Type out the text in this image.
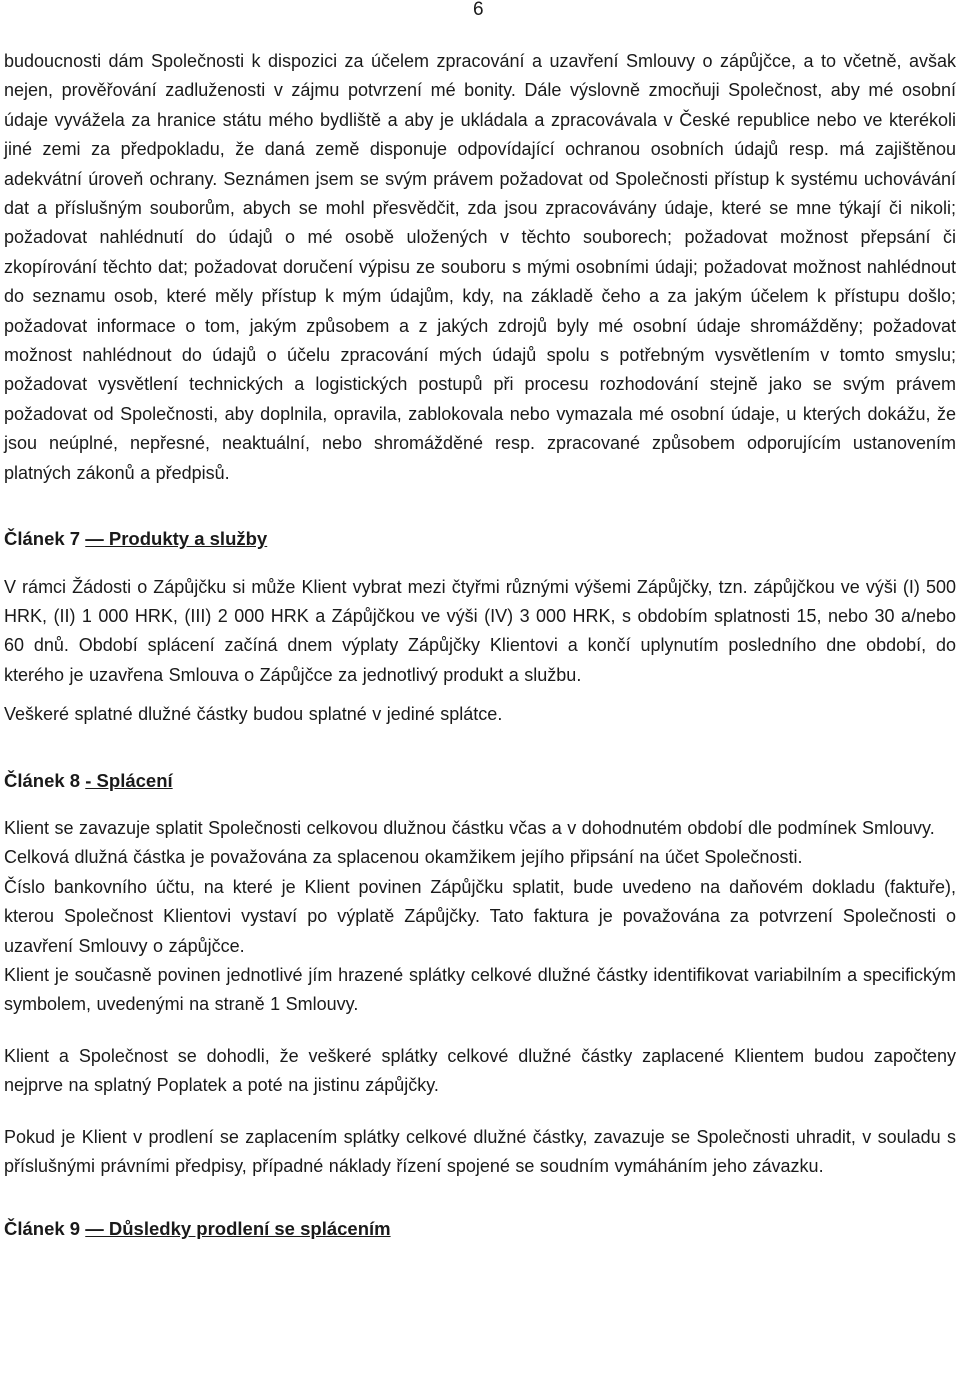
6

budoucnosti dám Společnosti k dispozici za účelem zpracování a uzavření Smlouvy o zápůjčce, a to včetně, avšak nejen, prověřování zadluženosti v zájmu potvrzení mé bonity. Dále výslovně zmocňuji Společnost, aby mé osobní údaje vyvážela za hranice státu mého bydliště a aby je ukládala a zpracovávala v České republice nebo ve kterékoli jiné zemi za předpokladu, že daná země disponuje odpovídající ochranou osobních údajů resp. má zajištěnou adekvátní úroveň ochrany. Seznámen jsem se svým právem požadovat od Společnosti přístup k systému uchovávání dat a příslušným souborům, abych se mohl přesvědčit, zda jsou zpracovávány údaje, které se mne týkají či nikoli; požadovat nahlédnutí do údajů o mé osobě uložených v těchto souborech; požadovat možnost přepsání či zkopírování těchto dat; požadovat doručení výpisu ze souboru s mými osobními údaji; požadovat možnost nahlédnout do seznamu osob, které měly přístup k mým údajům, kdy, na základě čeho a za jakým účelem k přístupu došlo; požadovat informace o tom, jakým způsobem a z jakých zdrojů byly mé osobní údaje shromážděny; požadovat možnost nahlédnout do údajů o účelu zpracování mých údajů spolu s potřebným vysvětlením v tomto smyslu; požadovat vysvětlení technických a logistických postupů při procesu rozhodování stejně jako se svým právem požadovat od Společnosti, aby doplnila, opravila, zablokovala nebo vymazala mé osobní údaje, u kterých dokážu, že jsou neúplné, nepřesné, neaktuální, nebo shromážděné resp. zpracované způsobem odporujícím ustanovením platných zákonů a předpisů.

Článek 7 — Produkty a služby

V rámci Žádosti o Zápůjčku si může Klient vybrat mezi čtyřmi různými výšemi Zápůjčky, tzn. zápůjčkou ve výši (I) 500 HRK, (II) 1 000 HRK, (III) 2 000 HRK a Zápůjčkou ve výši (IV) 3 000 HRK, s obdobím splatnosti 15, nebo 30 a/nebo 60 dnů. Období splácení začíná dnem výplaty Zápůjčky Klientovi a končí uplynutím posledního dne období, do kterého je uzavřena Smlouva o Zápůjčce za jednotlivý produkt a službu.

Veškeré splatné dlužné částky budou splatné v jediné splátce.

Článek 8 - Splácení

Klient se zavazuje splatit Společnosti celkovou dlužnou částku včas a v dohodnutém období dle podmínek Smlouvy.

Celková dlužná částka je považována za splacenou okamžikem jejího připsání na účet Společnosti.

Číslo bankovního účtu, na které je Klient povinen Zápůjčku splatit, bude uvedeno na daňovém dokladu (faktuře), kterou Společnost Klientovi vystaví po výplatě Zápůjčky. Tato faktura je považována za potvrzení Společnosti o uzavření Smlouvy o zápůjčce.

Klient je současně povinen jednotlivé jím hrazené splátky celkové dlužné částky identifikovat variabilním a specifickým symbolem, uvedenými na straně 1 Smlouvy.

Klient a Společnost se dohodli, že veškeré splátky celkové dlužné částky zaplacené Klientem budou započteny nejprve na splatný Poplatek a poté na jistinu zápůjčky.

Pokud je Klient v prodlení se zaplacením splátky celkové dlužné částky, zavazuje se Společnosti uhradit, v souladu s příslušnými právními předpisy, případné náklady řízení spojené se soudním vymáháním jeho závazku.

Článek 9 — Důsledky prodlení se splácením
